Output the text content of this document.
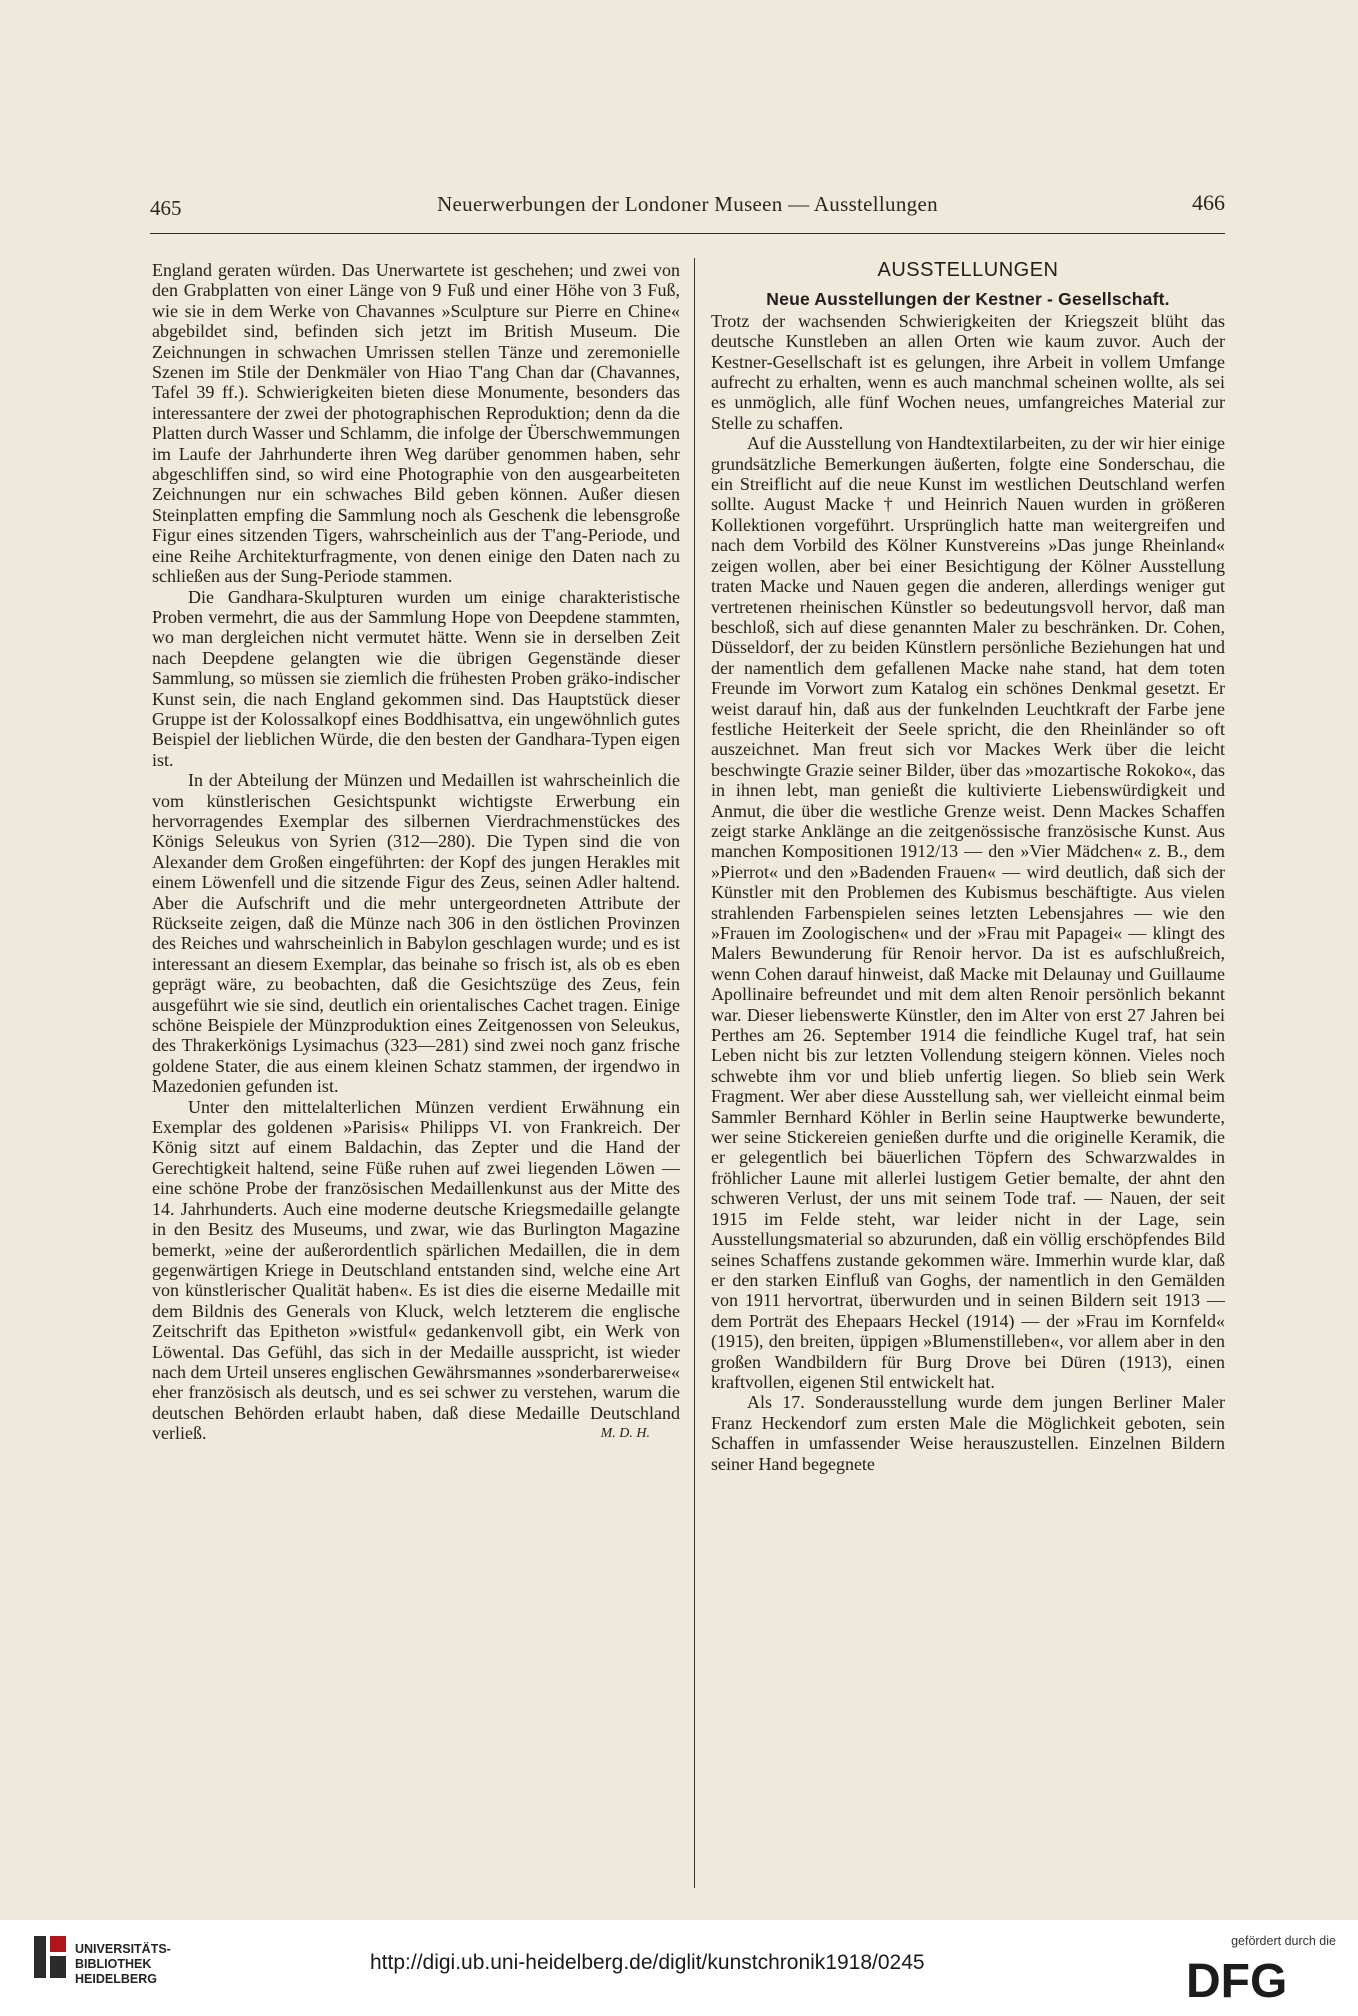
465	Neuerwerbungen der Londoner Museen — Ausstellungen	466

England geraten würden. Das Unerwartete ist geschehen; und zwei von den Grabplatten von einer Länge von 9 Fuß und einer Höhe von 3 Fuß, wie sie in dem Werke von Chavannes »Sculpture sur Pierre en Chine« abgebildet sind, befinden sich jetzt im British Museum. Die Zeichnungen in schwachen Umrissen stellen Tänze und zeremonielle Szenen im Stile der Denkmäler von Hiao T'ang Chan dar (Chavannes, Tafel 39 ff.). Schwierigkeiten bieten diese Monumente, besonders das interessantere der zwei der photographischen Reproduktion; denn da die Platten durch Wasser und Schlamm, die infolge der Überschwemmungen im Laufe der Jahrhunderte ihren Weg darüber genommen haben, sehr abgeschliffen sind, so wird eine Photographie von den ausgearbeiteten Zeichnungen nur ein schwaches Bild geben können. Außer diesen Steinplatten empfing die Sammlung noch als Geschenk die lebensgroße Figur eines sitzenden Tigers, wahrscheinlich aus der T'ang-Periode, und eine Reihe Architekturfragmente, von denen einige den Daten nach zu schließen aus der Sung-Periode stammen.

Die Gandhara-Skulpturen wurden um einige charakteristische Proben vermehrt, die aus der Sammlung Hope von Deepdene stammten, wo man dergleichen nicht vermutet hätte. Wenn sie in derselben Zeit nach Deepdene gelangten wie die übrigen Gegenstände dieser Sammlung, so müssen sie ziemlich die frühesten Proben gräko-indischer Kunst sein, die nach England gekommen sind. Das Hauptstück dieser Gruppe ist der Kolossalkopf eines Boddhisattva, ein ungewöhnlich gutes Beispiel der lieblichen Würde, die den besten der Gandhara-Typen eigen ist.

In der Abteilung der Münzen und Medaillen ist wahrscheinlich die vom künstlerischen Gesichtspunkt wichtigste Erwerbung ein hervorragendes Exemplar des silbernen Vierdrachmenstückes des Königs Seleukus von Syrien (312—280). Die Typen sind die von Alexander dem Großen eingeführten: der Kopf des jungen Herakles mit einem Löwenfell und die sitzende Figur des Zeus, seinen Adler haltend. Aber die Aufschrift und die mehr untergeordneten Attribute der Rückseite zeigen, daß die Münze nach 306 in den östlichen Provinzen des Reiches und wahrscheinlich in Babylon geschlagen wurde; und es ist interessant an diesem Exemplar, das beinahe so frisch ist, als ob es eben geprägt wäre, zu beobachten, daß die Gesichtszüge des Zeus, fein ausgeführt wie sie sind, deutlich ein orientalisches Cachet tragen. Einige schöne Beispiele der Münzproduktion eines Zeitgenossen von Seleukus, des Thrakerkönigs Lysimachus (323—281) sind zwei noch ganz frische goldene Stater, die aus einem kleinen Schatz stammen, der irgendwo in Mazedonien gefunden ist.

Unter den mittelalterlichen Münzen verdient Erwähnung ein Exemplar des goldenen »Parisis« Philipps VI. von Frankreich. Der König sitzt auf einem Baldachin, das Zepter und die Hand der Gerechtigkeit haltend, seine Füße ruhen auf zwei liegenden Löwen — eine schöne Probe der französischen Medaillenkunst aus der Mitte des 14. Jahrhunderts. Auch eine moderne deutsche Kriegsmedaille gelangte in den Besitz des Museums, und zwar, wie das Burlington Magazine bemerkt, »eine der außerordentlich spärlichen Medaillen, die in dem gegenwärtigen Kriege in Deutschland entstanden sind, welche eine Art von künstlerischer Qualität haben«. Es ist dies die eiserne Medaille mit dem Bildnis des Generals von Kluck, welch letzterem die englische Zeitschrift das Epitheton »wistful« gedankenvoll gibt, ein Werk von Löwental. Das Gefühl, das sich in der Medaille ausspricht, ist wieder nach dem Urteil unseres englischen Gewährsmannes »sonderbarerweise« eher französisch als deutsch, und es sei schwer zu verstehen, warum die deutschen Behörden erlaubt haben, daß diese Medaille Deutschland verließ.	M. D. H.
AUSSTELLUNGEN
Neue Ausstellungen der Kestner - Gesellschaft.

Trotz der wachsenden Schwierigkeiten der Kriegszeit blüht das deutsche Kunstleben an allen Orten wie kaum zuvor. Auch der Kestner-Gesellschaft ist es gelungen, ihre Arbeit in vollem Umfange aufrecht zu erhalten, wenn es auch manchmal scheinen wollte, als sei es unmöglich, alle fünf Wochen neues, umfangreiches Material zur Stelle zu schaffen.

Auf die Ausstellung von Handtextilarbeiten, zu der wir hier einige grundsätzliche Bemerkungen äußerten, folgte eine Sonderschau, die ein Streiflicht auf die neue Kunst im westlichen Deutschland werfen sollte. August Macke † und Heinrich Nauen wurden in größeren Kollektionen vorgeführt. Ursprünglich hatte man weitergreifen und nach dem Vorbild des Kölner Kunstvereins »Das junge Rheinland« zeigen wollen, aber bei einer Besichtigung der Kölner Ausstellung traten Macke und Nauen gegen die anderen, allerdings weniger gut vertretenen rheinischen Künstler so bedeutungsvoll hervor, daß man beschloß, sich auf diese genannten Maler zu beschränken. Dr. Cohen, Düsseldorf, der zu beiden Künstlern persönliche Beziehungen hat und der namentlich dem gefallenen Macke nahe stand, hat dem toten Freunde im Vorwort zum Katalog ein schönes Denkmal gesetzt. Er weist darauf hin, daß aus der funkelnden Leuchtkraft der Farbe jene festliche Heiterkeit der Seele spricht, die den Rheinländer so oft auszeichnet. Man freut sich vor Mackes Werk über die leicht beschwingte Grazie seiner Bilder, über das »mozartische Rokoko«, das in ihnen lebt, man genießt die kultivierte Liebenswürdigkeit und Anmut, die über die westliche Grenze weist. Denn Mackes Schaffen zeigt starke Anklänge an die zeitgenössische französische Kunst. Aus manchen Kompositionen 1912/13 — den »Vier Mädchen« z. B., dem »Pierrot« und den »Badenden Frauen« — wird deutlich, daß sich der Künstler mit den Problemen des Kubismus beschäftigte. Aus vielen strahlenden Farbenspielen seines letzten Lebensjahres — wie den »Frauen im Zoologischen« und der »Frau mit Papagei« — klingt des Malers Bewunderung für Renoir hervor. Da ist es aufschlußreich, wenn Cohen darauf hinweist, daß Macke mit Delaunay und Guillaume Apollinaire befreundet und mit dem alten Renoir persönlich bekannt war. Dieser liebenswerte Künstler, den im Alter von erst 27 Jahren bei Perthes am 26. September 1914 die feindliche Kugel traf, hat sein Leben nicht bis zur letzten Vollendung steigern können. Vieles noch schwebte ihm vor und blieb unfertig liegen. So blieb sein Werk Fragment. Wer aber diese Ausstellung sah, wer vielleicht einmal beim Sammler Bernhard Köhler in Berlin seine Hauptwerke bewunderte, wer seine Stickereien genießen durfte und die originelle Keramik, die er gelegentlich bei bäuerlichen Töpfern des Schwarzwaldes in fröhlicher Laune mit allerlei lustigem Getier bemalte, der ahnt den schweren Verlust, der uns mit seinem Tode traf. — Nauen, der seit 1915 im Felde steht, war leider nicht in der Lage, sein Ausstellungsmaterial so abzurunden, daß ein völlig erschöpfendes Bild seines Schaffens zustande gekommen wäre. Immerhin wurde klar, daß er den starken Einfluß van Goghs, der namentlich in den Gemälden von 1911 hervortrat, überwurden und in seinen Bildern seit 1913 — dem Porträt des Ehepaars Heckel (1914) — der »Frau im Kornfeld« (1915), den breiten, üppigen »Blumenstilleben«, vor allem aber in den großen Wandbildern für Burg Drove bei Düren (1913), einen kraftvollen, eigenen Stil entwickelt hat.

Als 17. Sonderausstellung wurde dem jungen Berliner Maler Franz Heckendorf zum ersten Male die Möglichkeit geboten, sein Schaffen in umfassender Weise herauszustellen. Einzelnen Bildern seiner Hand begegnete

UNIVERSITÄTS-
BIBLIOTHEK
HEIDELBERG
http://digi.ub.uni-heidelberg.de/diglit/kunstchronik1918/0245
gefördert durch die
DFG
